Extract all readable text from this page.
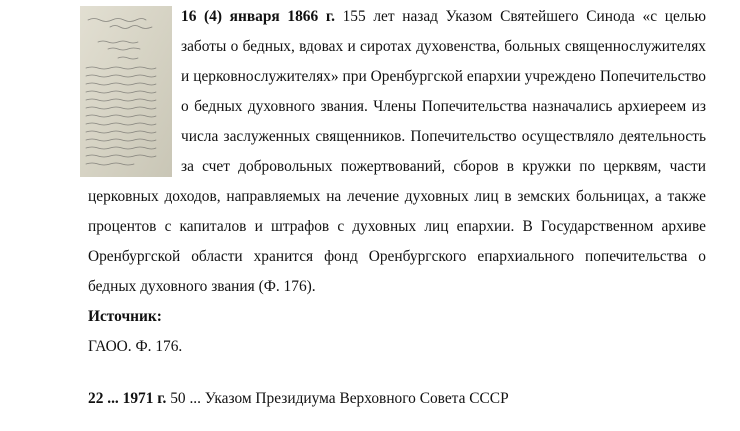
16 (4) января 1866 г. 155 лет назад Указом Святейшего Синода «с целью заботы о бедных, вдовах и сиротах духовенства, больных священнослужителях и церковнослужителях» при Оренбургской епархии учреждено Попечительство о бедных духовного звания. Члены Попечительства назначались архиереем из числа заслуженных священников. Попечительство осуществляло деятельность за счет добровольных пожертвований, сборов в кружки по церквям, части церковных доходов, направляемых на лечение духовных лиц в земских больницах, а также процентов с капиталов и штрафов с духовных лиц епархии. В Государственном архиве Оренбургской области хранится фонд Оренбургского епархиального попечительства о бедных духовного звания (Ф. 176).

Источник:

ГАОО. Ф. 176.

22 ... 1971 г. 50 ... Указом Президиума Верховного Совета СССР
